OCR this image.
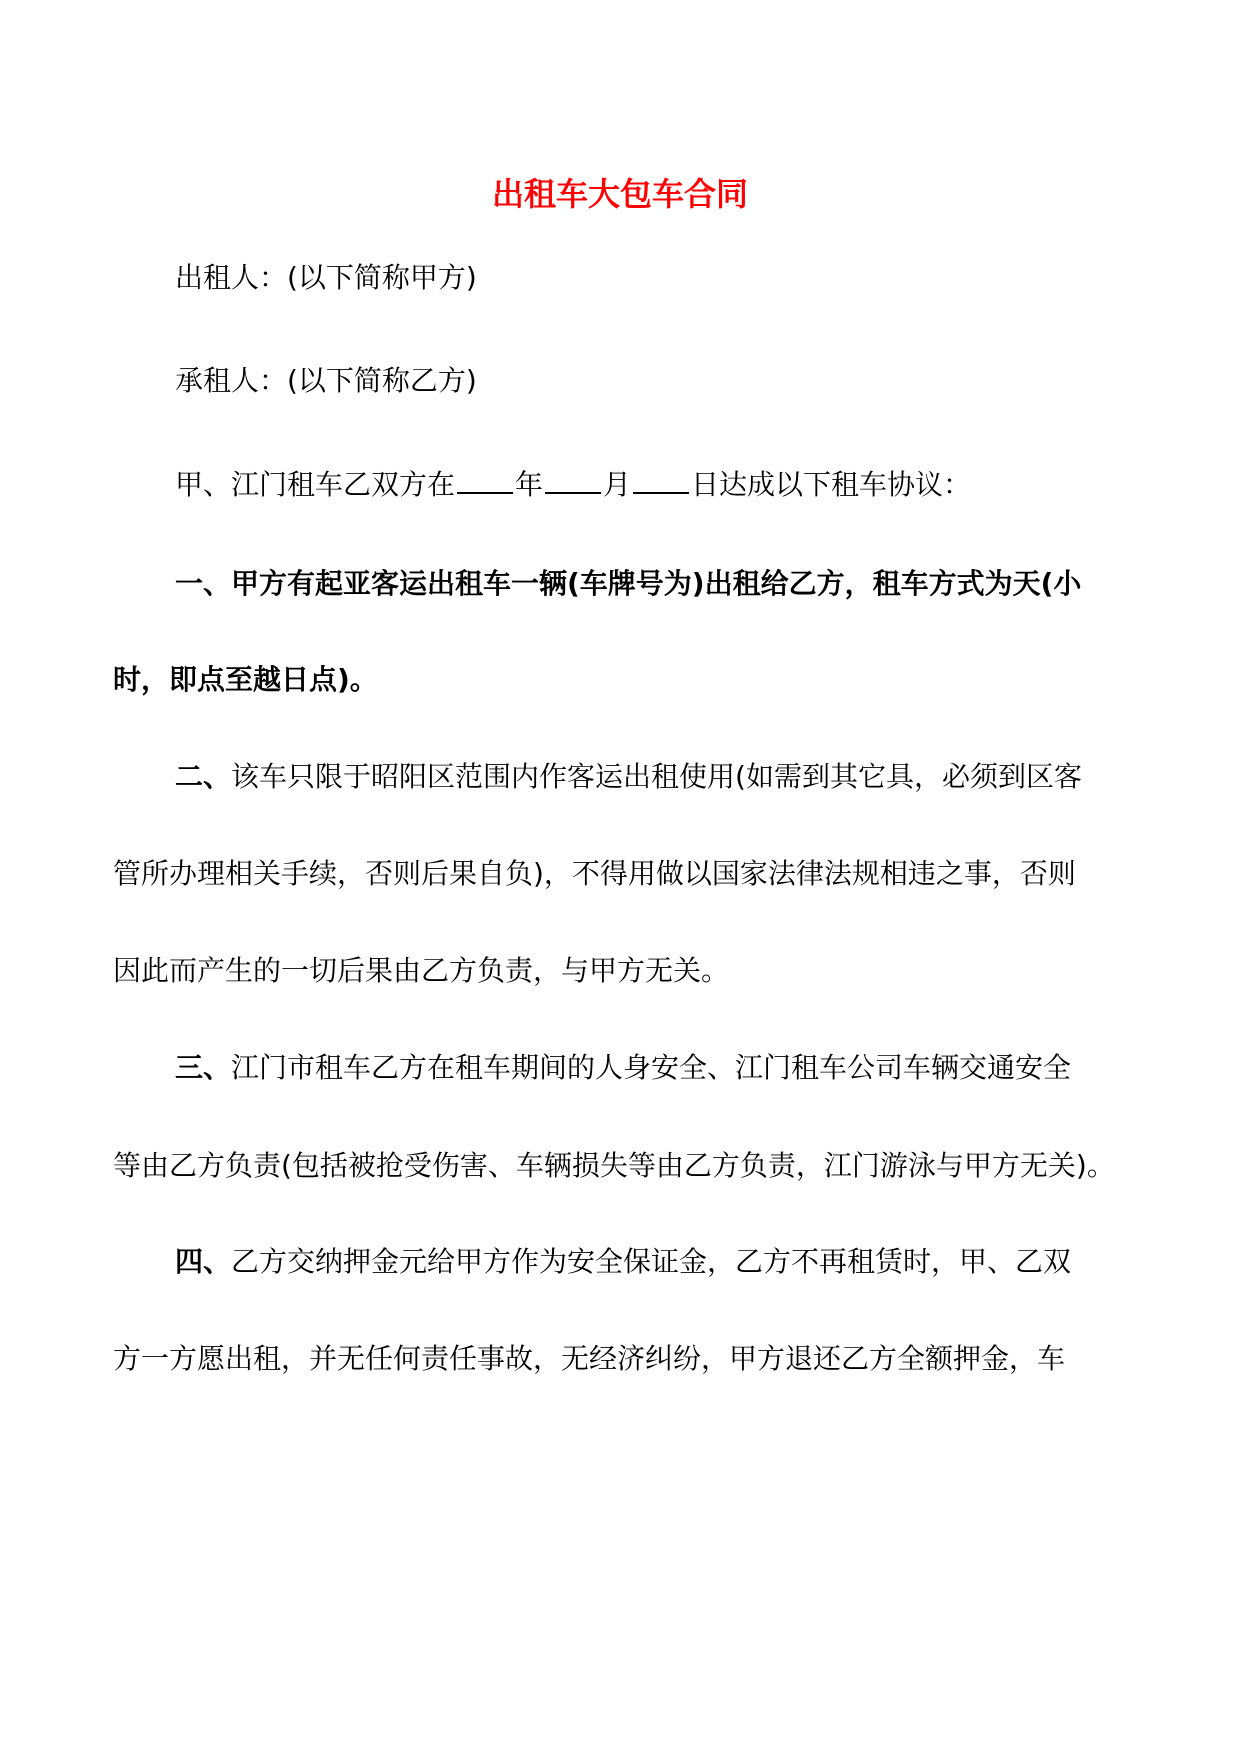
出租车大包车合同
出租人：(以下简称甲方)
承租人：(以下简称乙方)
甲、江门租车乙双方在 年 月 日达成以下租车协议：
一、甲方有起亚客运出租车一辆(车牌号为)出租给乙方，租车方式为天(小
时，即点至越日点)。
二、该车只限于昭阳区范围内作客运出租使用(如需到其它具，必须到区客
管所办理相关手续，否则后果自负)，不得用做以国家法律法规相违之事，否则
因此而产生的一切后果由乙方负责，与甲方无关。
三、江门市租车乙方在租车期间的人身安全、江门租车公司车辆交通安全
等由乙方负责(包括被抢受伤害、车辆损失等由乙方负责，江门游泳与甲方无关)。
四、乙方交纳押金元给甲方作为安全保证金，乙方不再租赁时，甲、乙双
方一方愿出租，并无任何责任事故，无经济纠纷，甲方退还乙方全额押金，车
